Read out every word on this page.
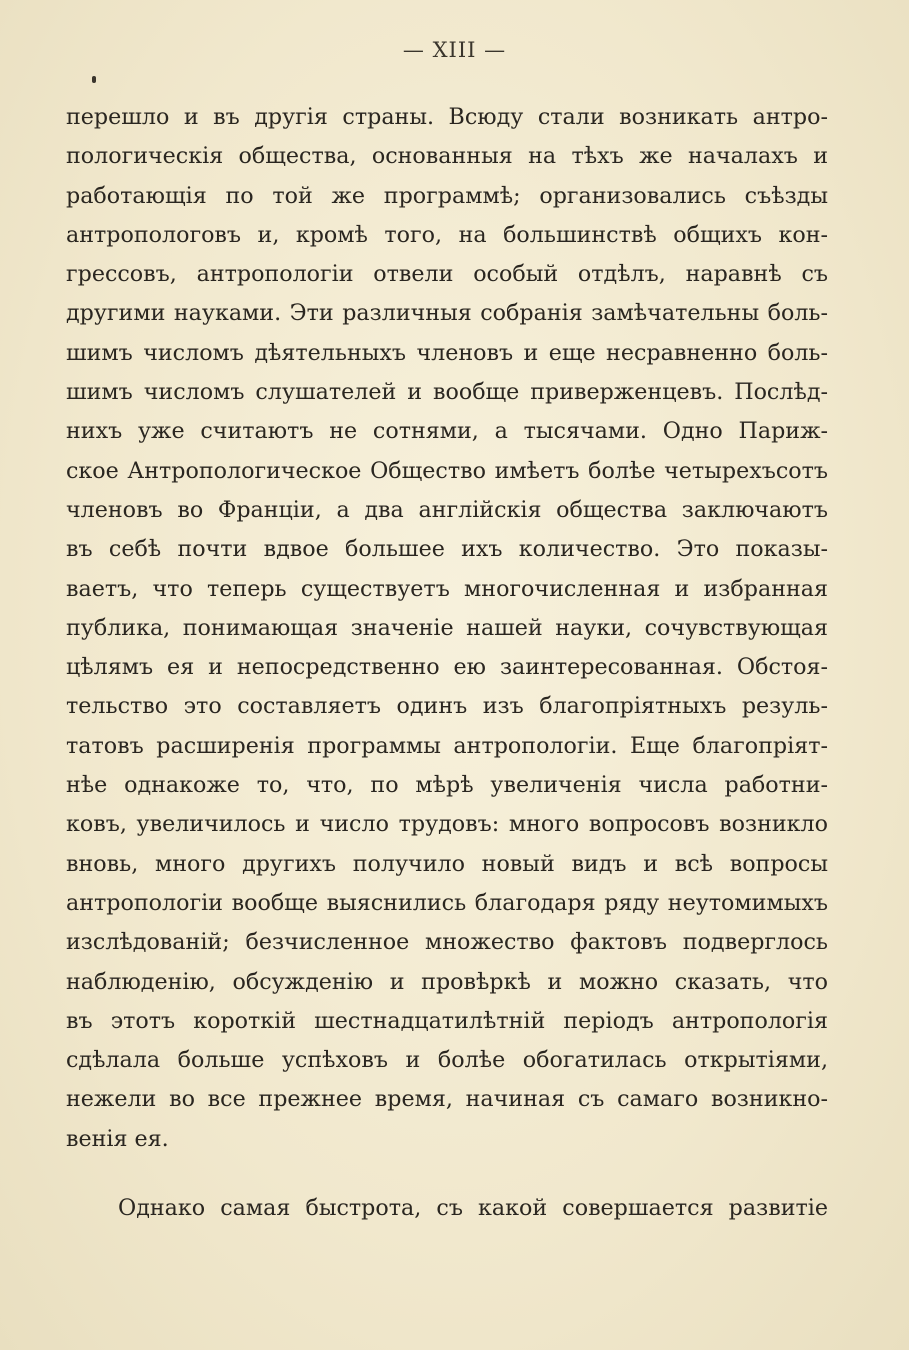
— XIII —
перешло и въ другія страны. Всюду стали возникать антро-
пологическія общества, основанныя на тѣхъ же началахъ и
работающія по той же программѣ; организовались съѣзды
антропологовъ и, кромѣ того, на большинствѣ общихъ кон-
грессовъ, антропологіи отвели особый отдѣлъ, наравнѣ съ
другими науками. Эти различныя собранія замѣчательны боль-
шимъ числомъ дѣятельныхъ членовъ и еще несравненно боль-
шимъ числомъ слушателей и вообще приверженцевъ. Послѣд-
нихъ уже считаютъ не сотнями, а тысячами. Одно Париж-
ское Антропологическое Общество имѣетъ болѣе четырехъсотъ
членовъ во Франціи, а два англійскія общества заключаютъ
въ себѣ почти вдвое большее ихъ количество. Это показы-
ваетъ, что теперь существуетъ многочисленная и избранная
публика, понимающая значеніе нашей науки, сочувствующая
цѣлямъ ея и непосредственно ею заинтересованная. Обстоя-
тельство это составляетъ одинъ изъ благопріятныхъ резуль-
татовъ расширенія программы антропологіи. Еще благопріят-
нѣе однакоже то, что, по мѣрѣ увеличенія числа работни-
ковъ, увеличилось и число трудовъ: много вопросовъ возникло
вновь, много другихъ получило новый видъ и всѣ вопросы
антропологіи вообще выяснились благодаря ряду неутомимыхъ
изслѣдованій; безчисленное множество фактовъ подверглось
наблюденію, обсужденію и провѣркѣ и можно сказать, что
въ этотъ короткій шестнадцатилѣтній періодъ антропологія
сдѣлала больше успѣховъ и болѣе обогатилась открытіями,
нежели во все прежнее время, начиная съ самаго возникно-
венія ея.
Однако самая быстрота, съ какой совершается развитіе
